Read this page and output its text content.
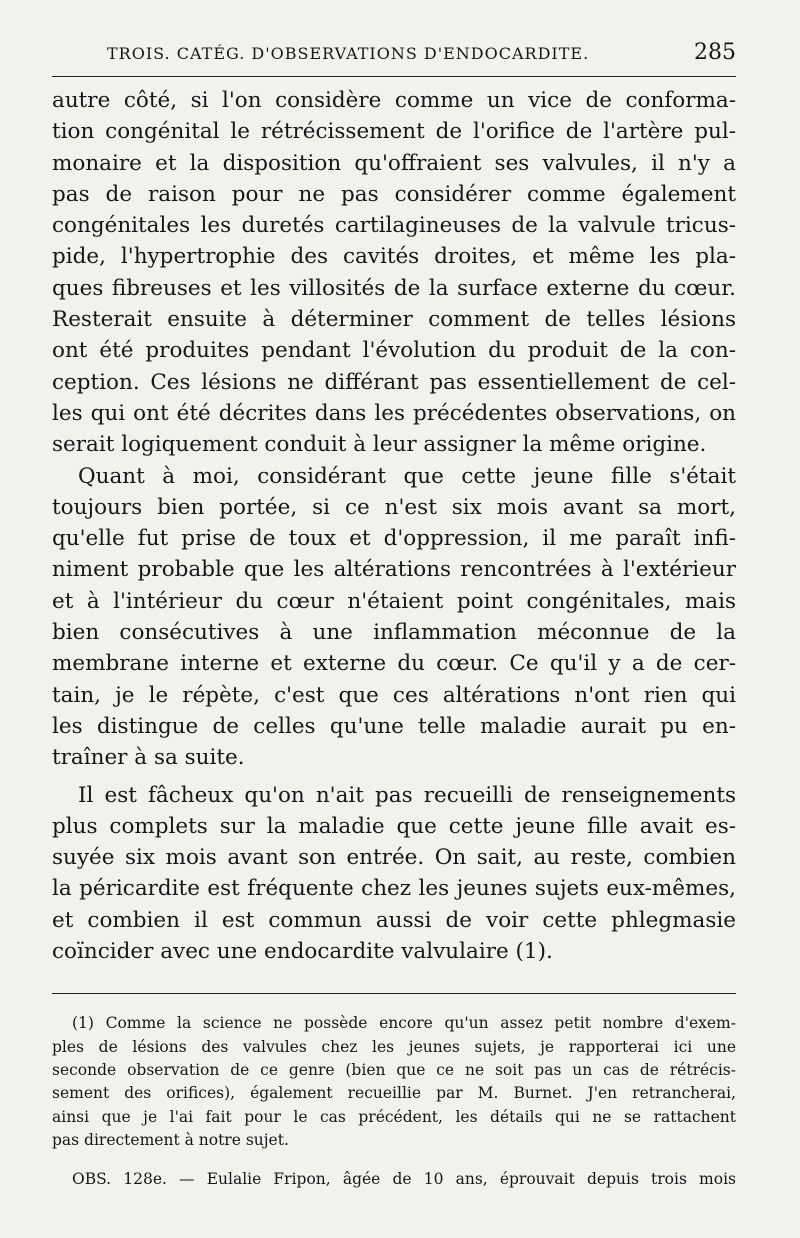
TROIS. CATÉG. D'OBSERVATIONS D'ENDOCARDITE.	285

autre côté, si l'on considère comme un vice de conforma-
tion congénital le rétrécissement de l'orifice de l'artère pul-
monaire et la disposition qu'offraient ses valvules, il n'y a
pas de raison pour ne pas considérer comme également
congénitales les duretés cartilagineuses de la valvule tricus-
pide, l'hypertrophie des cavités droites, et même les pla-
ques fibreuses et les villosités de la surface externe du cœur.
Resterait ensuite à déterminer comment de telles lésions
ont été produites pendant l'évolution du produit de la con-
ception. Ces lésions ne différant pas essentiellement de cel-
les qui ont été décrites dans les précédentes observations, on
serait logiquement conduit à leur assigner la même origine.

Quant à moi, considérant que cette jeune fille s'était
toujours bien portée, si ce n'est six mois avant sa mort,
qu'elle fut prise de toux et d'oppression, il me paraît infi-
niment probable que les altérations rencontrées à l'extérieur
et à l'intérieur du cœur n'étaient point congénitales, mais
bien consécutives à une inflammation méconnue de la
membrane interne et externe du cœur. Ce qu'il y a de cer-
tain, je le répète, c'est que ces altérations n'ont rien qui
les distingue de celles qu'une telle maladie aurait pu en-
traîner à sa suite.

Il est fâcheux qu'on n'ait pas recueilli de renseignements
plus complets sur la maladie que cette jeune fille avait es-
suyée six mois avant son entrée. On sait, au reste, combien
la péricardite est fréquente chez les jeunes sujets eux-mêmes,
et combien il est commun aussi de voir cette phlegmasie
coïncider avec une endocardite valvulaire (1).

(1) Comme la science ne possède encore qu'un assez petit nombre d'exem-
ples de lésions des valvules chez les jeunes sujets, je rapporterai ici une
seconde observation de ce genre (bien que ce ne soit pas un cas de rétrécis-
sement des orifices), également recueillie par M. Burnet. J'en retrancherai,
ainsi que je l'ai fait pour le cas précédent, les détails qui ne se rattachent
pas directement à notre sujet.
OBS. 128e. — Eulalie Fripon, âgée de 10 ans, éprouvait depuis trois mois
